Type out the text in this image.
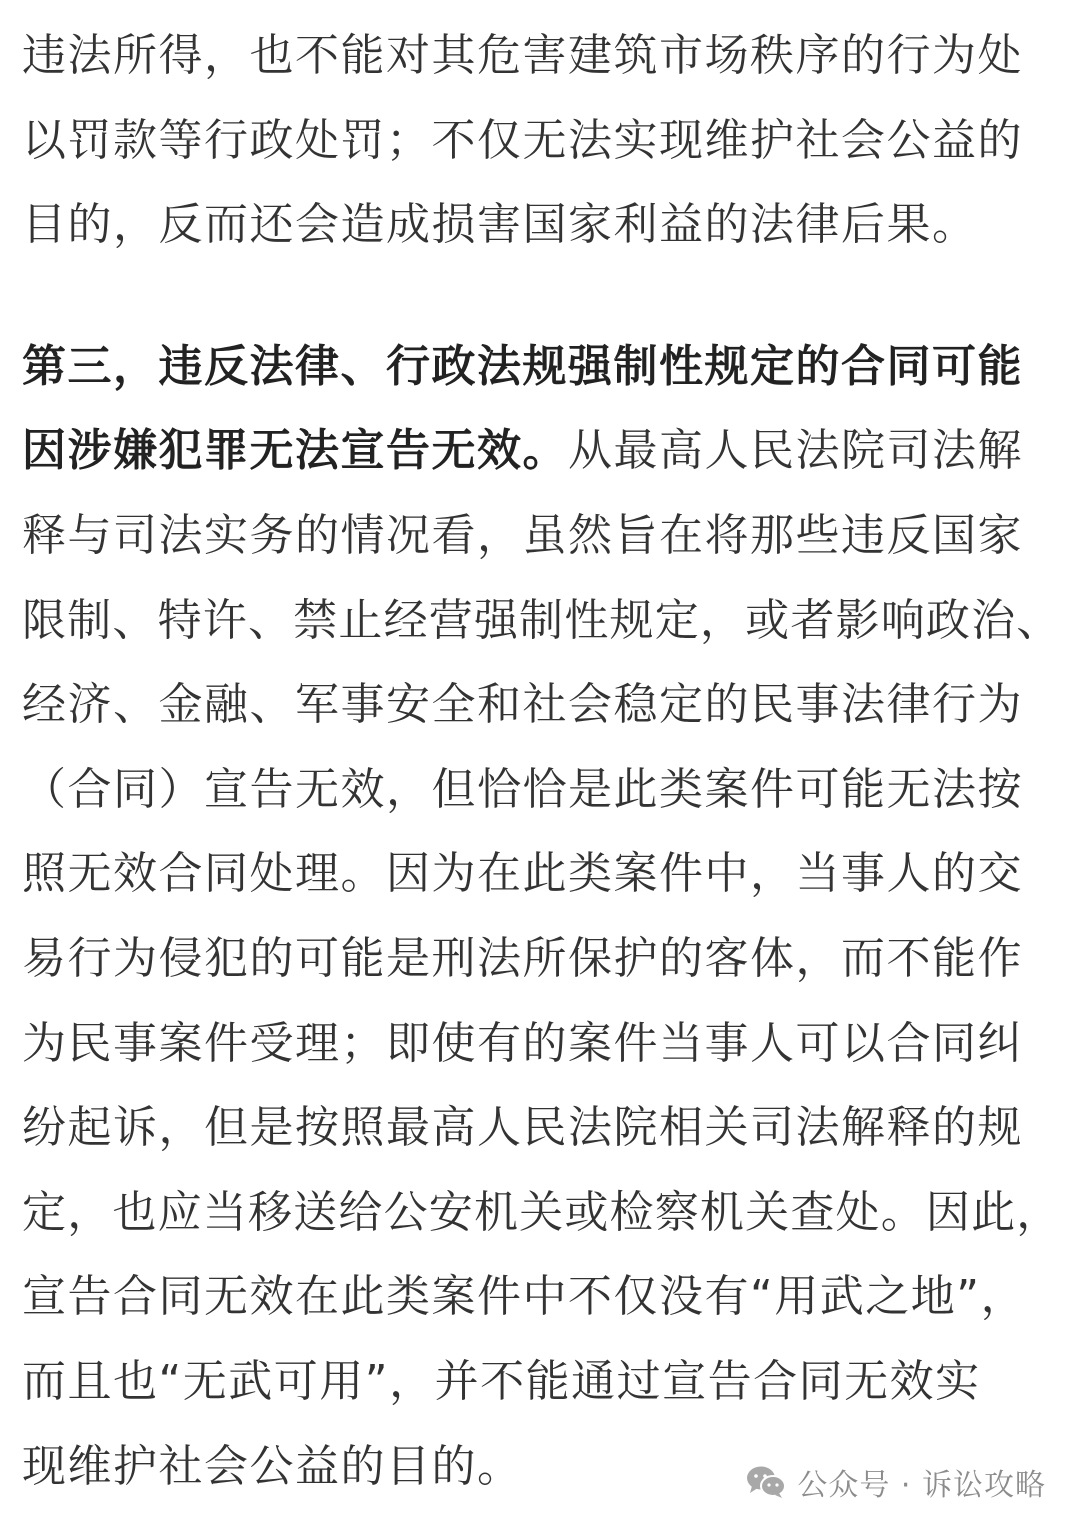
违法所得，也不能对其危害建筑市场秩序的行为处
以罚款等行政处罚；不仅无法实现维护社会公益的
目的，反而还会造成损害国家利益的法律后果。

第三，违反法律、行政法规强制性规定的合同可能
因涉嫌犯罪无法宣告无效。从最高人民法院司法解
释与司法实务的情况看，虽然旨在将那些违反国家
限制、特许、禁止经营强制性规定，或者影响政治、
经济、金融、军事安全和社会稳定的民事法律行为
（合同）宣告无效，但恰恰是此类案件可能无法按
照无效合同处理。因为在此类案件中，当事人的交
易行为侵犯的可能是刑法所保护的客体，而不能作
为民事案件受理；即使有的案件当事人可以合同纠
纷起诉，但是按照最高人民法院相关司法解释的规
定，也应当移送给公安机关或检察机关查处。因此，
宣告合同无效在此类案件中不仅没有“用武之地”，
而且也“无武可用”，并不能通过宣告合同无效实
现维护社会公益的目的。	公众号 · 诉讼攻略
